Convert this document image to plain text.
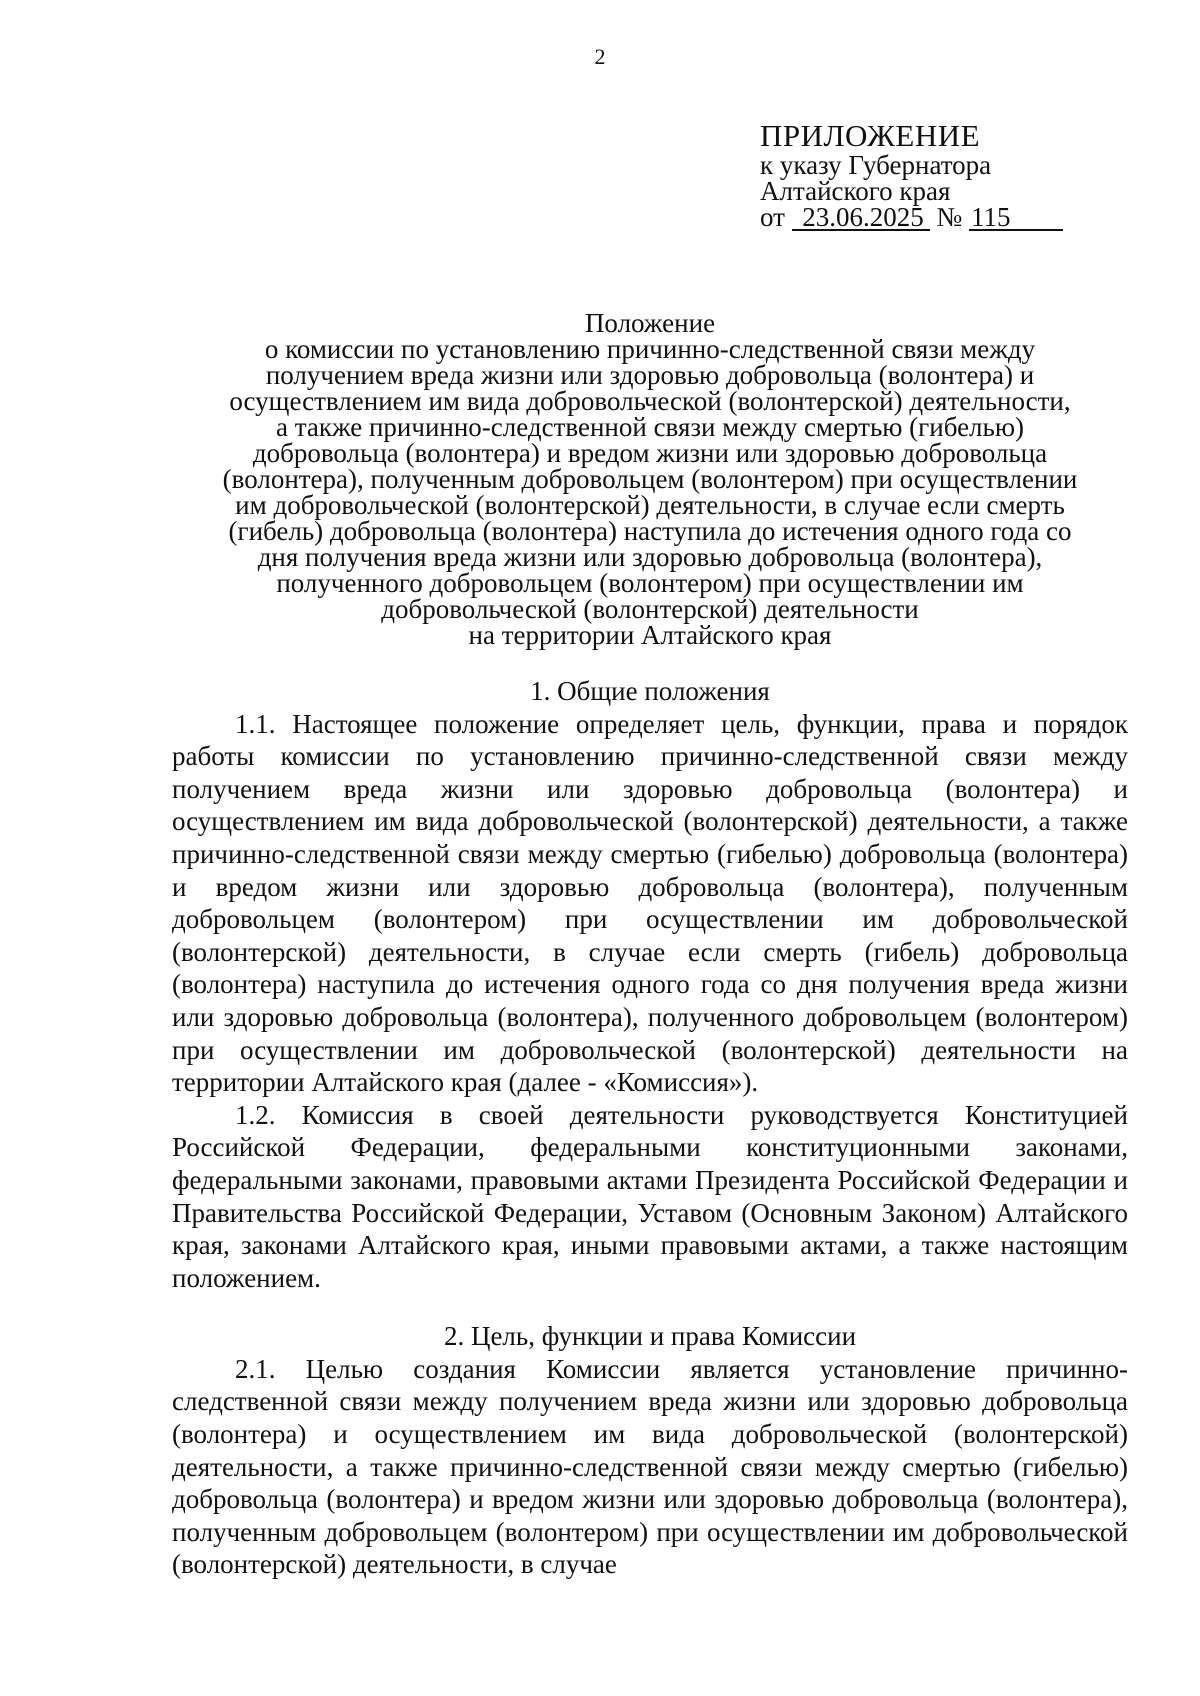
2
ПРИЛОЖЕНИЕ
к указу Губернатора
Алтайского края
от 23.06.2025 № 115
Положение
о комиссии по установлению причинно-следственной связи между
получением вреда жизни или здоровью добровольца (волонтера) и
осуществлением им вида добровольческой (волонтерской) деятельности,
а также причинно-следственной связи между смертью (гибелью)
добровольца (волонтера) и вредом жизни или здоровью добровольца
(волонтера), полученным добровольцем (волонтером) при осуществлении
им добровольческой (волонтерской) деятельности, в случае если смерть
(гибель) добровольца (волонтера) наступила до истечения одного года со
дня получения вреда жизни или здоровью добровольца (волонтера),
полученного добровольцем (волонтером) при осуществлении им
добровольческой (волонтерской) деятельности
на территории Алтайского края

1. Общие положения

1.1. Настоящее положение определяет цель, функции, права и порядок работы комиссии по установлению причинно-следственной связи между получением вреда жизни или здоровью добровольца (волонтера) и осуществлением им вида добровольческой (волонтерской) деятельности, а также причинно-следственной связи между смертью (гибелью) добровольца (волонтера) и вредом жизни или здоровью добровольца (волонтера), полученным добровольцем (волонтером) при осуществлении им добровольческой (волонтерской) деятельности, в случае если смерть (гибель) добровольца (волонтера) наступила до истечения одного года со дня получения вреда жизни или здоровью добровольца (волонтера), полученного добровольцем (волонтером) при осуществлении им добровольческой (волонтерской) деятельности на территории Алтайского края (далее - «Комиссия»).

1.2. Комиссия в своей деятельности руководствуется Конституцией Российской Федерации, федеральными конституционными законами, федеральными законами, правовыми актами Президента Российской Федерации и Правительства Российской Федерации, Уставом (Основным Законом) Алтайского края, законами Алтайского края, иными правовыми актами, а также настоящим положением.

2. Цель, функции и права Комиссии

2.1. Целью создания Комиссии является установление причинно-следственной связи между получением вреда жизни или здоровью добровольца (волонтера) и осуществлением им вида добровольческой (волонтерской) деятельности, а также причинно-следственной связи между смертью (гибелью) добровольца (волонтера) и вредом жизни или здоровью добровольца (волонтера), полученным добровольцем (волонтером) при осуществлении им добровольческой (волонтерской) деятельности, в случае
